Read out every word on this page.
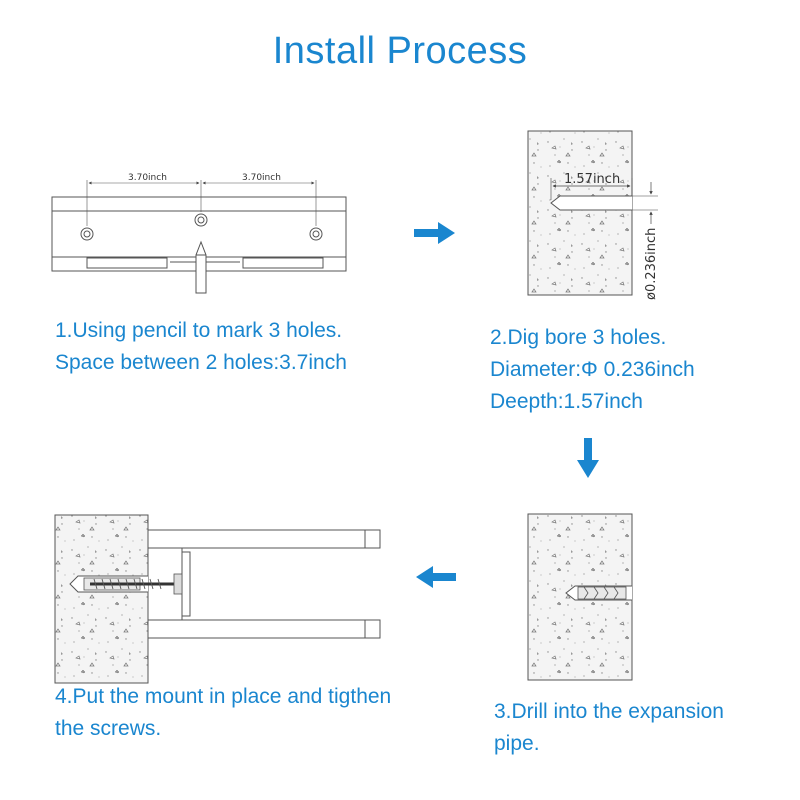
Install Process
3.70inch	3.70inch	1.57inch
ø0.236inch
1.Using pencil to mark 3 holes.
Space between 2 holes:3.7inch
2.Dig bore 3 holes.
Diameter:Φ 0.236inch
Deepth:1.57inch
3.Drill into the expansion
pipe.
4.Put the mount in place and tigthen
the screws.
